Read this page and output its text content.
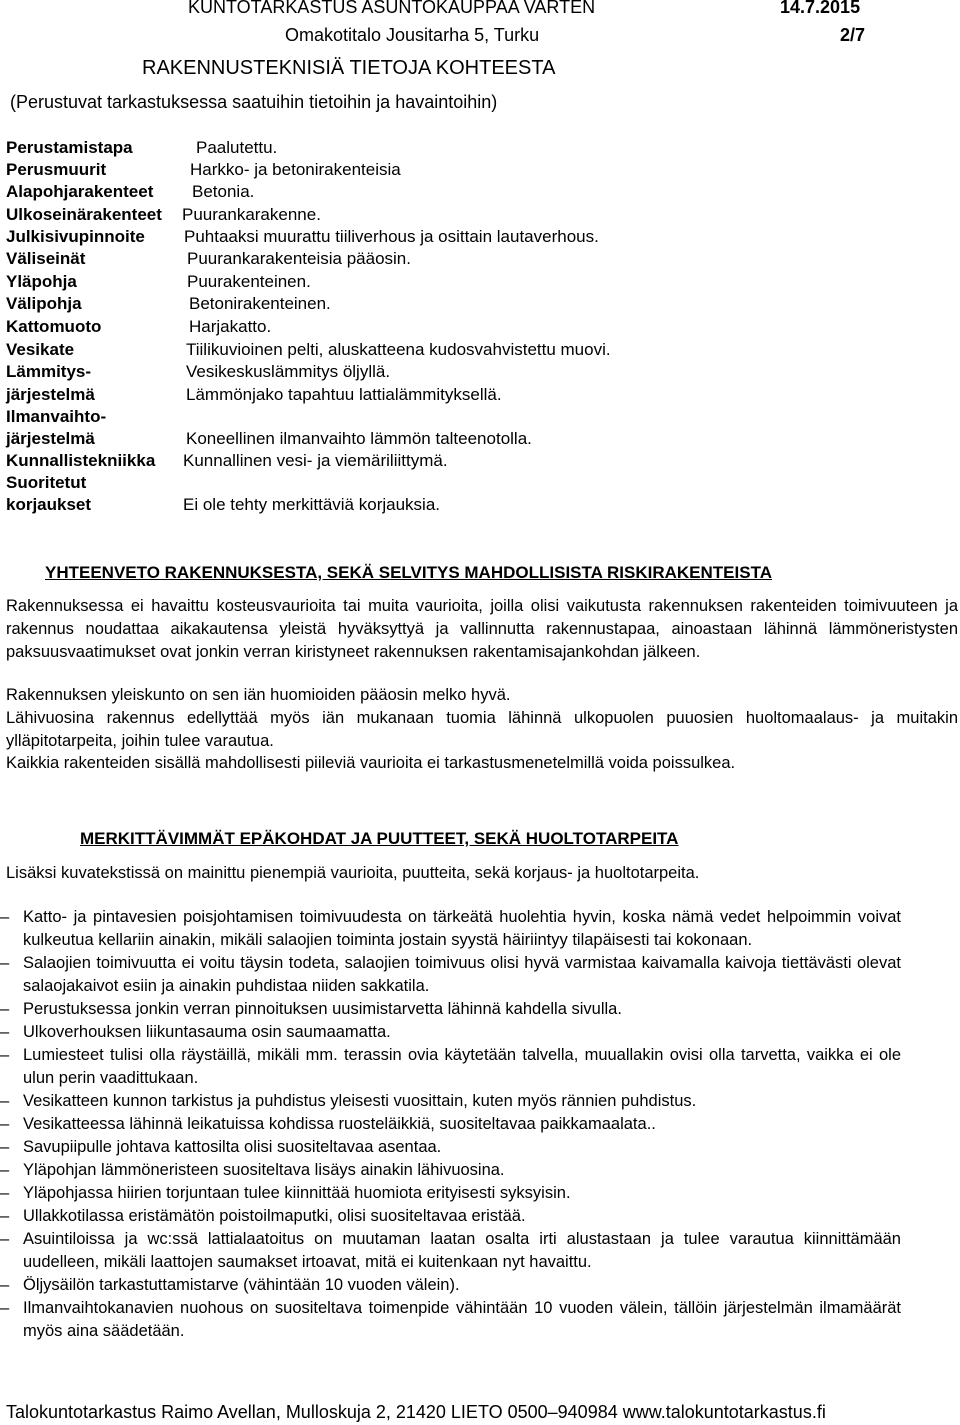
KUNTOTARKASTUS ASUNTOKAUPPAA VARTEN	14.7.2015
Omakotitalo Jousitarha 5, Turku	2/7
RAKENNUSTEKNISIÄ TIETOJA KOHTEESTA
(Perustuvat tarkastuksessa saatuihin tietoihin ja havaintoihin)
Perustamistapa	Paalutettu.
Perusmuurit	Harkko- ja betonirakenteisia
Alapohjarakenteet Betonia.
Ulkoseinärakenteet Puurankarakenne.
Julkisivupinnoite Puhtaaksi muurattu tiiliverhous ja osittain lautaverhous.
Väliseinät	Puurankarakenteisia pääosin.
Yläpohja	Puurakenteinen.
Välipohja	Betonirakenteinen.
Kattomuoto	Harjakatto.
Vesikate	Tiilikuvioinen pelti, aluskatteena kudosvahvistettu muovi.
Lämmitys-	Vesikeskuslämmitys öljyllä.
järjestelmä	Lämmönjako tapahtuu lattialämmityksellä.
Ilmanvaihto-
järjestelmä	Koneellinen ilmanvaihto lämmön talteenotolla.
Kunnallistekniikka Kunnallinen vesi- ja viemäriliittymä.
Suoritetut
korjaukset	Ei ole tehty merkittäviä korjauksia.
YHTEENVETO RAKENNUKSESTA, SEKÄ SELVITYS MAHDOLLISISTA RISKIRAKENTEISTA
Rakennuksessa ei havaittu kosteusvaurioita tai muita vaurioita, joilla olisi vaikutusta rakennuksen rakenteiden toimivuuteen ja rakennus noudattaa aikakautensa yleistä hyväksyttyä ja vallinnutta rakennustapaa, ainoastaan lähinnä lämmöneristysten paksuusvaatimukset ovat jonkin verran kiristyneet rakennuksen rakentamisajankohdan jälkeen.
Rakennuksen yleiskunto on sen iän huomioiden pääosin melko hyvä.
Lähivuosina rakennus edellyttää myös iän mukanaan tuomia lähinnä ulkopuolen puuosien huoltomaalaus- ja muitakin ylläpitotarpeita, joihin tulee varautua.
Kaikkia rakenteiden sisällä mahdollisesti piileviä vaurioita ei tarkastusmenetelmillä voida poissulkea.
MERKITTÄVIMMÄT EPÄKOHDAT JA PUUTTEET, SEKÄ HUOLTOTARPEITA
Lisäksi kuvatekstissä on mainittu pienempiä vaurioita, puutteita, sekä korjaus- ja huoltotarpeita.
– Katto- ja pintavesien poisjohtamisen toimivuudesta on tärkeätä huolehtia hyvin, koska nämä vedet helpoimmin voivat kulkeutua kellariin ainakin, mikäli salaojien toiminta jostain syystä häiriintyy tilapäisesti tai kokonaan.
– Salaojien toimivuutta ei voitu täysin todeta, salaojien toimivuus olisi hyvä varmistaa kaivamalla kaivoja tiettävästi olevat salaojakaivot esiin ja ainakin puhdistaa niiden sakkatila.
– Perustuksessa jonkin verran pinnoituksen uusimistarvetta lähinnä kahdella sivulla.
– Ulkoverhouksen liikuntasauma osin saumaamatta.
– Lumiesteet tulisi olla räystäillä, mikäli mm. terassin ovia käytetään talvella, muuallakin ovisi olla tarvetta, vaikka ei ole ulun perin vaadittukaan.
– Vesikatteen kunnon tarkistus ja puhdistus yleisesti vuosittain, kuten myös rännien puhdistus.
– Vesikatteessa lähinnä leikatuissa kohdissa ruosteläikkiä, suositeltavaa paikkamaalata..
– Savupiipulle johtava kattosilta olisi suositeltavaa asentaa.
– Yläpohjan lämmöneristeen suositeltava lisäys ainakin lähivuosina.
– Yläpohjassa hiirien torjuntaan tulee kiinnittää huomiota erityisesti syksyisin.
– Ullakkotilassa eristämätön poistoilmaputki, olisi suositeltavaa eristää.
– Asuintiloissa ja wc:ssä lattialaatoitus on muutaman laatan osalta irti alustastaan ja tulee varautua kiinnittämään uudelleen, mikäli laattojen saumakset irtoavat, mitä ei kuitenkaan nyt havaittu.
– Öljysäilön tarkastuttamistarve (vähintään 10 vuoden välein).
– Ilmanvaihtokanavien nuohous on suositeltava toimenpide vähintään 10 vuoden välein, tällöin järjestelmän ilmamäärät myös aina säädetään.
Talokuntotarkastus Raimo Avellan, Mulloskuja 2, 21420 LIETO 0500–940984 www.talokuntotarkastus.fi
